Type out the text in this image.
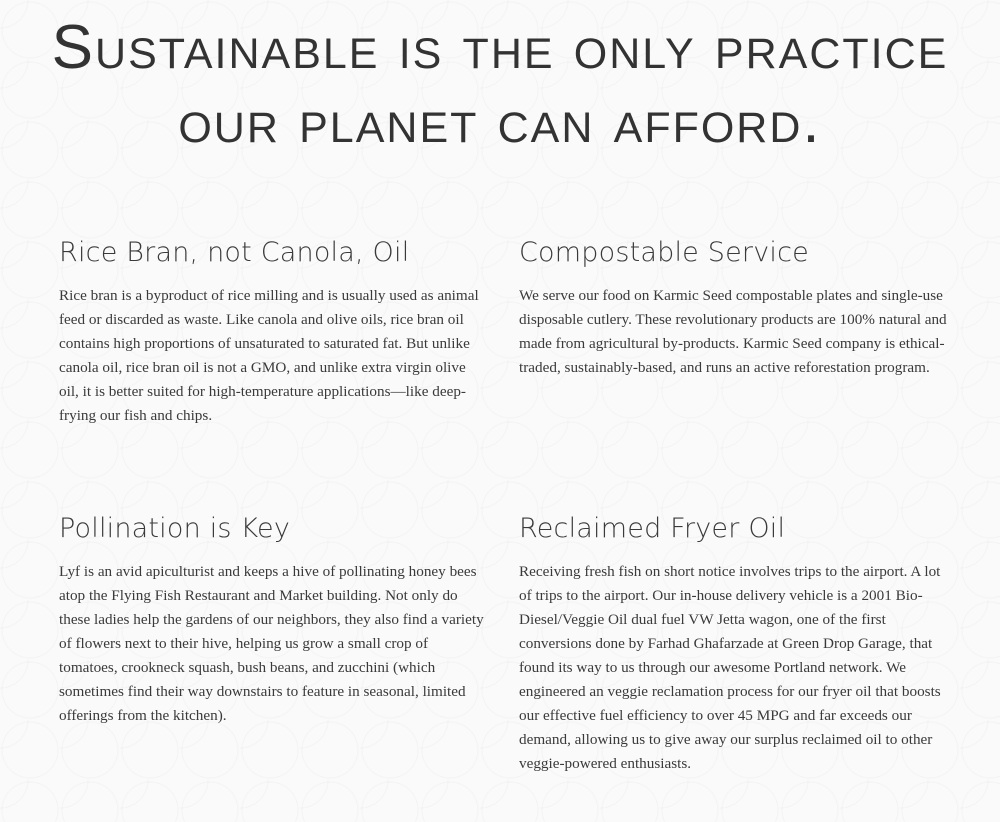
Sustainable is the only practice
our planet can afford.
Rice Bran, not Canola, Oil

Rice bran is a byproduct of rice milling and is usually used as animal feed or discarded as waste. Like canola and olive oils, rice bran oil contains high proportions of unsaturated to saturated fat. But unlike canola oil, rice bran oil is not a GMO, and unlike extra virgin olive oil, it is better suited for high-temperature applications—like deep-frying our fish and chips.

Compostable Service

We serve our food on Karmic Seed compostable plates and single-use disposable cutlery. These revolutionary products are 100% natural and made from agricultural by-products. Karmic Seed company is ethical-traded, sustainably-based, and runs an active reforestation program.

Pollination is Key

Lyf is an avid apiculturist and keeps a hive of pollinating honey bees atop the Flying Fish Restaurant and Market building. Not only do these ladies help the gardens of our neighbors, they also find a variety of flowers next to their hive, helping us grow a small crop of tomatoes, crookneck squash, bush beans, and zucchini (which sometimes find their way downstairs to feature in seasonal, limited offerings from the kitchen).

Reclaimed Fryer Oil

Receiving fresh fish on short notice involves trips to the airport. A lot of trips to the airport. Our in-house delivery vehicle is a 2001 Bio-Diesel/Veggie Oil dual fuel VW Jetta wagon, one of the first conversions done by Farhad Ghafarzade at Green Drop Garage, that found its way to us through our awesome Portland network. We engineered an veggie reclamation process for our fryer oil that boosts our effective fuel efficiency to over 45 MPG and far exceeds our demand, allowing us to give away our surplus reclaimed oil to other veggie-powered enthusiasts.
